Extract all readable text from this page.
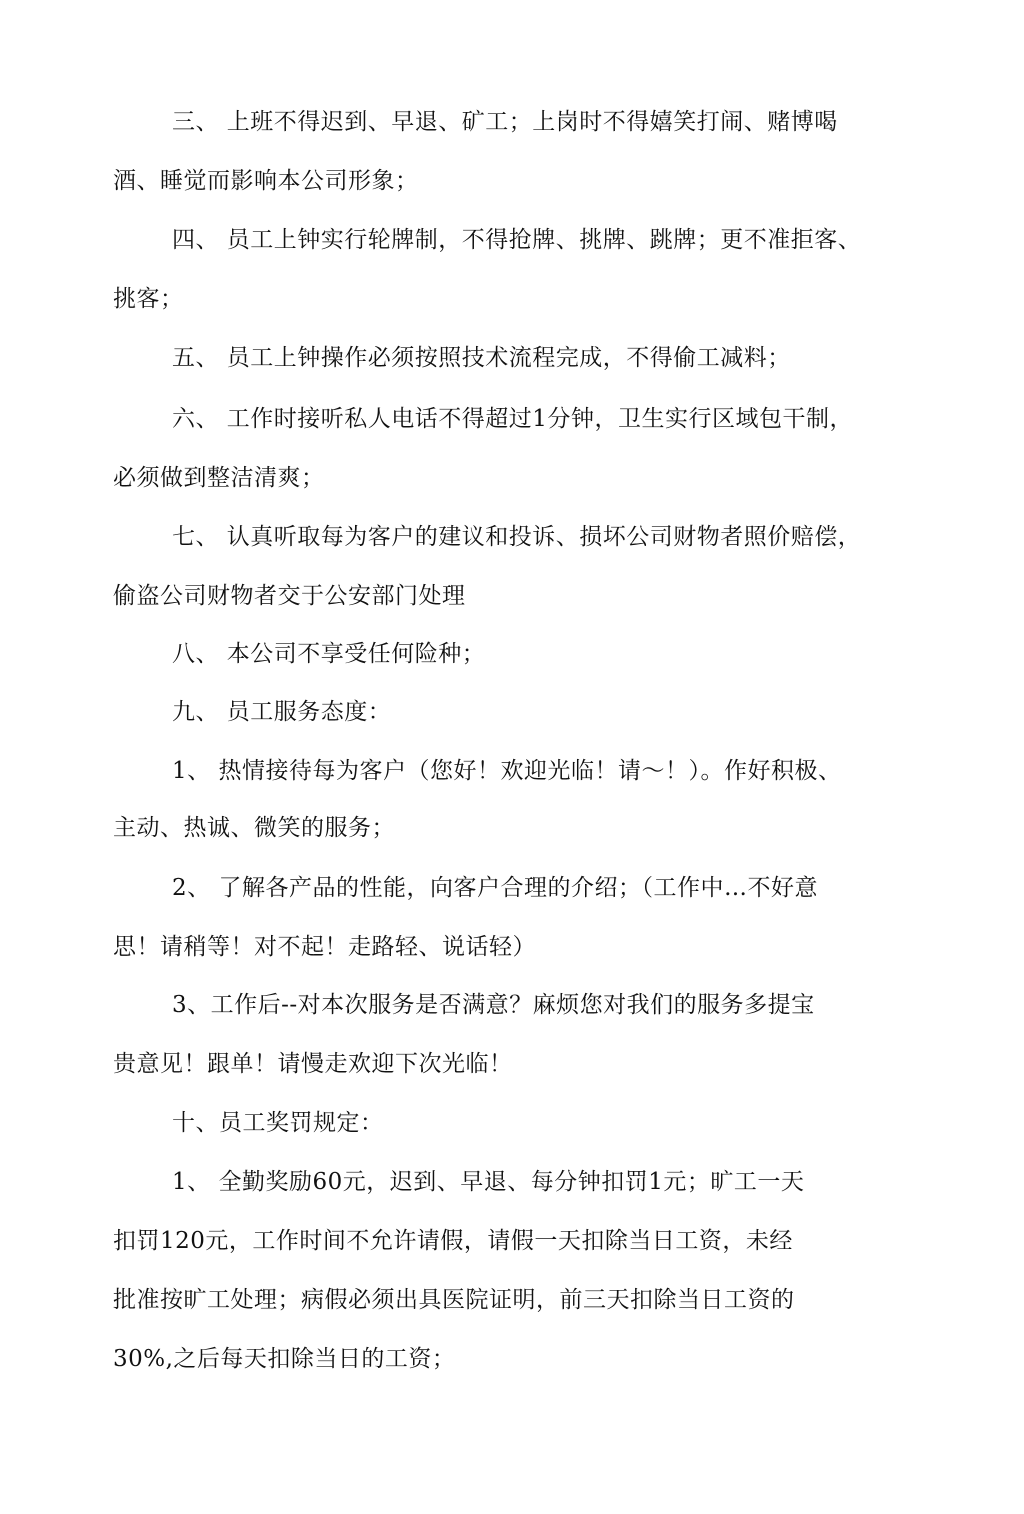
三、 上班不得迟到、早退、矿工；上岗时不得嬉笑打闹、赌博喝
酒、睡觉而影响本公司形象；
四、 员工上钟实行轮牌制，不得抢牌、挑牌、跳牌；更不准拒客、
挑客；
五、 员工上钟操作必须按照技术流程完成，不得偷工减料；
六、 工作时接听私人电话不得超过1分钟，卫生实行区域包干制，
必须做到整洁清爽；
七、 认真听取每为客户的建议和投诉、损坏公司财物者照价赔偿，
偷盗公司财物者交于公安部门处理
八、 本公司不享受任何险种；
九、 员工服务态度：
1、 热情接待每为客户（您好！欢迎光临！请～！）。作好积极、
主动、热诚、微笑的服务；
2、 了解各产品的性能，向客户合理的介绍；（工作中…不好意
思！请稍等！对不起！走路轻、说话轻）
3、工作后--对本次服务是否满意？麻烦您对我们的服务多提宝
贵意见！跟单！请慢走欢迎下次光临！
十、员工奖罚规定：
1、 全勤奖励60元，迟到、早退、每分钟扣罚1元；旷工一天
扣罚120元，工作时间不允许请假，请假一天扣除当日工资，未经
批准按旷工处理；病假必须出具医院证明，前三天扣除当日工资的
30%,之后每天扣除当日的工资；
